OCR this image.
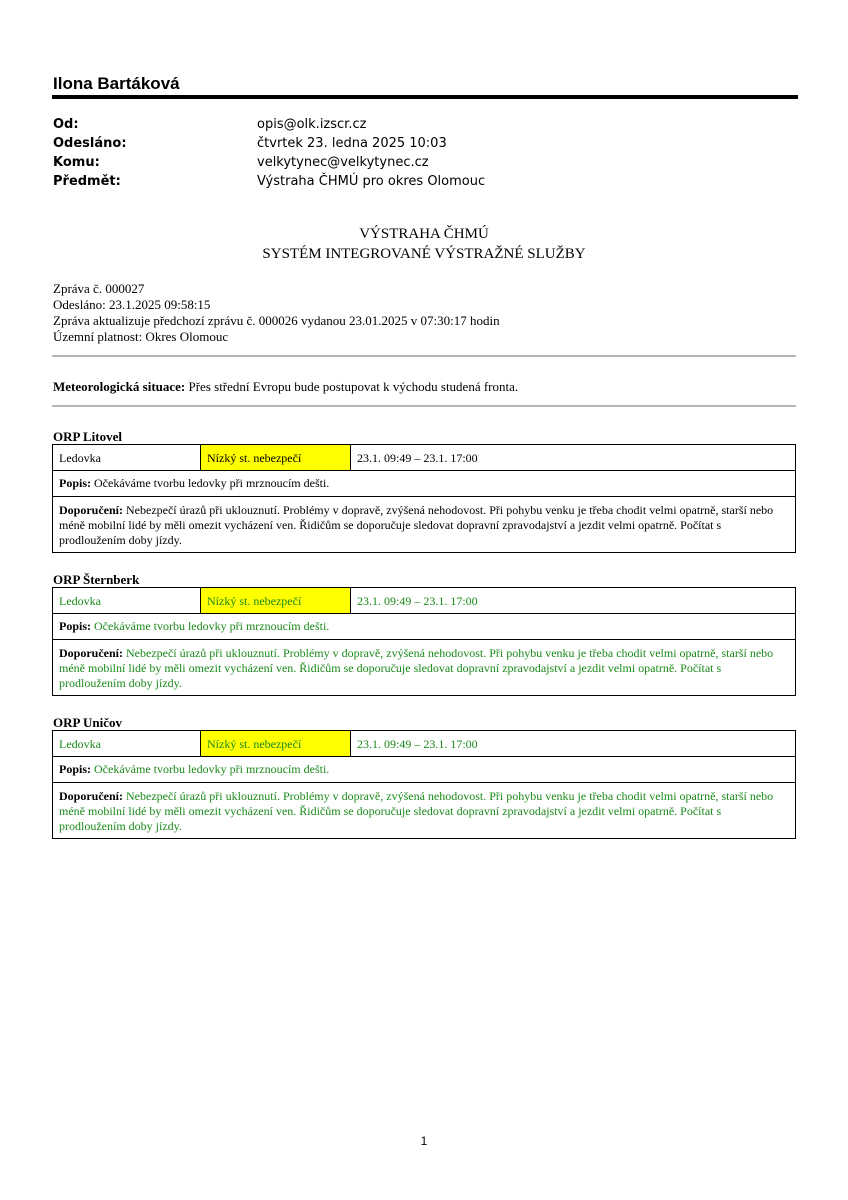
Ilona Bartáková
Od:	opis@olk.izscr.cz
Odesláno:	čtvrtek 23. ledna 2025 10:03
Komu:	velkytynec@velkytynec.cz
Předmět:	Výstraha ČHMÚ pro okres Olomouc
VÝSTRAHA ČHMÚ
SYSTÉM INTEGROVANÉ VÝSTRAŽNÉ SLUŽBY
Zpráva č. 000027
Odesláno: 23.1.2025 09:58:15
Zpráva aktualizuje předchozí zprávu č. 000026 vydanou 23.01.2025 v 07:30:17 hodin
Územní platnost: Okres Olomouc
Meteorologická situace: Přes střední Evropu bude postupovat k východu studená fronta.
ORP Litovel
Ledovka	Nízký st. nebezpečí	23.1. 09:49 – 23.1. 17:00
Popis: Očekáváme tvorbu ledovky při mrznoucím dešti.
Doporučení: Nebezpečí úrazů při uklouznutí. Problémy v dopravě, zvýšená nehodovost. Při pohybu venku je třeba chodit velmi opatrně, starší nebo méně mobilní lidé by měli omezit vycházení ven. Řidičům se doporučuje sledovat dopravní zpravodajství a jezdit velmi opatrně. Počítat s prodloužením doby jízdy.
ORP Šternberk
Ledovka	Nízký st. nebezpečí	23.1. 09:49 – 23.1. 17:00
Popis: Očekáváme tvorbu ledovky při mrznoucím dešti.
Doporučení: Nebezpečí úrazů při uklouznutí. Problémy v dopravě, zvýšená nehodovost. Při pohybu venku je třeba chodit velmi opatrně, starší nebo méně mobilní lidé by měli omezit vycházení ven. Řidičům se doporučuje sledovat dopravní zpravodajství a jezdit velmi opatrně. Počítat s prodloužením doby jízdy.
ORP Uničov
Ledovka	Nízký st. nebezpečí	23.1. 09:49 – 23.1. 17:00
Popis: Očekáváme tvorbu ledovky při mrznoucím dešti.
Doporučení: Nebezpečí úrazů při uklouznutí. Problémy v dopravě, zvýšená nehodovost. Při pohybu venku je třeba chodit velmi opatrně, starší nebo méně mobilní lidé by měli omezit vycházení ven. Řidičům se doporučuje sledovat dopravní zpravodajství a jezdit velmi opatrně. Počítat s prodloužením doby jízdy.
1
